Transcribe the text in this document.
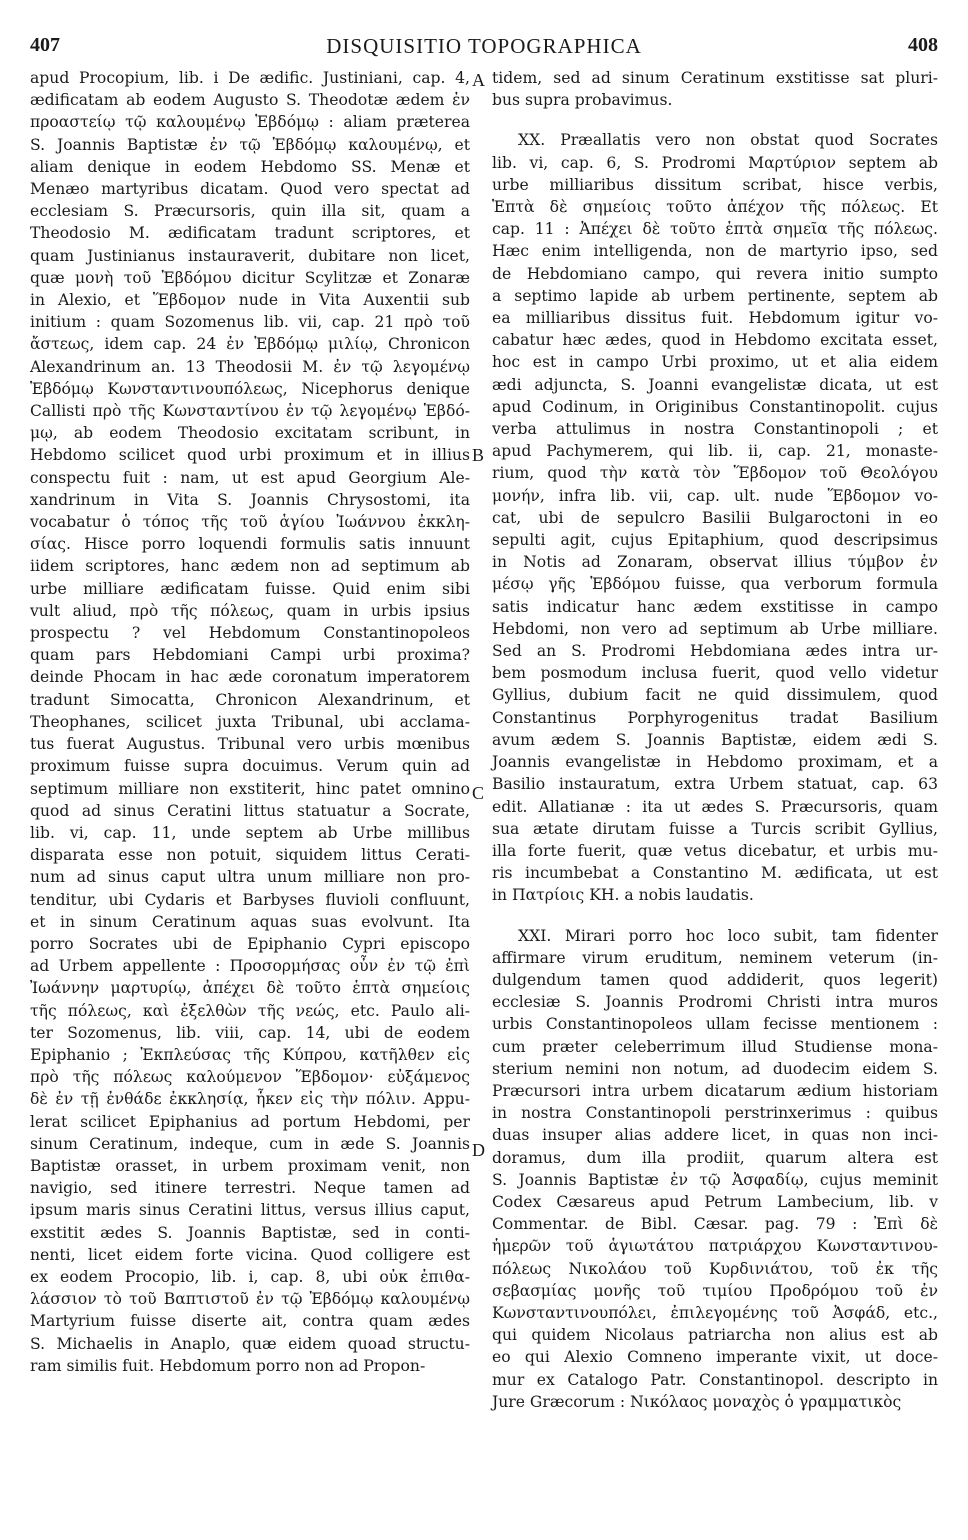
407	DISQUISITIO TOPOGRAPHICA	408
A
B
C
D
apud Procopium, lib. i De ædific. Justiniani, cap. 4,
ædificatam ab eodem Augusto S. Theodotæ ædem ἐν
προαστείῳ τῷ καλουμένῳ Ἑβδόμῳ : aliam præterea
S. Joannis Baptistæ ἐν τῷ Ἑβδόμῳ καλουμένῳ, et
aliam denique in eodem Hebdomo SS. Menæ et
Menæo martyribus dicatam. Quod vero spectat ad
ecclesiam S. Præcursoris, quin illa sit, quam a
Theodosio M. ædificatam tradunt scriptores, et
quam Justinianus instauraverit, dubitare non licet,
quæ μονὴ τοῦ Ἑβδόμου dicitur Scylitzæ et Zonaræ
in Alexio, et Ἕβδομον nude in Vita Auxentii sub
initium : quam Sozomenus lib. vii, cap. 21 πρὸ τοῦ
ἄστεως, idem cap. 24 ἐν Ἑβδόμῳ μιλίῳ, Chronicon
Alexandrinum an. 13 Theodosii M. ἐν τῷ λεγομένῳ
Ἑβδόμῳ Κωνσταντινουπόλεως, Nicephorus denique
Callisti πρὸ τῆς Κωνσταντίνου ἐν τῷ λεγομένῳ Ἑβδό-
μῳ, ab eodem Theodosio excitatam scribunt, in
Hebdomo scilicet quod urbi proximum et in illius
conspectu fuit : nam, ut est apud Georgium Ale-
xandrinum in Vita S. Joannis Chrysostomi, ita
vocabatur ὁ τόπος τῆς τοῦ ἁγίου Ἰωάννου ἐκκλη-
σίας. Hisce porro loquendi formulis satis innuunt
iidem scriptores, hanc ædem non ad septimum ab
urbe milliare ædificatam fuisse. Quid enim sibi
vult aliud, πρὸ τῆς πόλεως, quam in urbis ipsius
prospectu ? vel Hebdomum Constantinopoleos
quam pars Hebdomiani Campi urbi proxima?
deinde Phocam in hac æde coronatum imperatorem
tradunt Simocatta, Chronicon Alexandrinum, et
Theophanes, scilicet juxta Tribunal, ubi acclama-
tus fuerat Augustus. Tribunal vero urbis mœnibus
proximum fuisse supra docuimus. Verum quin ad
septimum milliare non exstiterit, hinc patet omnino
quod ad sinus Ceratini littus statuatur a Socrate,
lib. vi, cap. 11, unde septem ab Urbe millibus
disparata esse non potuit, siquidem littus Cerati-
num ad sinus caput ultra unum milliare non pro-
tenditur, ubi Cydaris et Barbyses fluvioli confluunt,
et in sinum Ceratinum aquas suas evolvunt. Ita
porro Socrates ubi de Epiphanio Cypri episcopo
ad Urbem appellente : Προσορμήσας οὖν ἐν τῷ ἐπὶ
Ἰωάννην μαρτυρίῳ, ἀπέχει δὲ τοῦτο ἑπτὰ σημείοις
τῆς πόλεως, καὶ ἐξελθὼν τῆς νεώς, etc. Paulo ali-
ter Sozomenus, lib. viii, cap. 14, ubi de eodem
Epiphanio ; Ἐκπλεύσας τῆς Κύπρου, κατῆλθεν εἰς
πρὸ τῆς πόλεως καλούμενον Ἕβδομον· εὐξάμενος
δὲ ἐν τῇ ἐνθάδε ἐκκλησίᾳ, ἧκεν εἰς τὴν πόλιν. Appu-
lerat scilicet Epiphanius ad portum Hebdomi, per
sinum Ceratinum, indeque, cum in æde S. Joannis
Baptistæ orasset, in urbem proximam venit, non
navigio, sed itinere terrestri. Neque tamen ad
ipsum maris sinus Ceratini littus, versus illius caput,
exstitit ædes S. Joannis Baptistæ, sed in conti-
nenti, licet eidem forte vicina. Quod colligere est
ex eodem Procopio, lib. i, cap. 8, ubi οὐκ ἐπιθα-
λάσσιον τὸ τοῦ Βαπτιστοῦ ἐν τῷ Ἑβδόμῳ καλουμένῳ
Martyrium fuisse diserte ait, contra quam ædes
S. Michaelis in Anaplo, quæ eidem quoad structu-
ram similis fuit. Hebdomum porro non ad Propon-
tidem, sed ad sinum Ceratinum exstitisse sat pluri-
bus supra probavimus.
XX. Præallatis vero non obstat quod Socrates
lib. vi, cap. 6, S. Prodromi Μαρτύριον septem ab
urbe milliaribus dissitum scribat, hisce verbis,
Ἑπτὰ δὲ σημείοις τοῦτο ἀπέχον τῆς πόλεως. Et
cap. 11 : Ἀπέχει δὲ τοῦτο ἑπτὰ σημεῖα τῆς πόλεως.
Hæc enim intelligenda, non de martyrio ipso, sed
de Hebdomiano campo, qui revera initio sumpto
a septimo lapide ab urbem pertinente, septem ab
ea milliaribus dissitus fuit. Hebdomum igitur vo-
cabatur hæc ædes, quod in Hebdomo excitata esset,
hoc est in campo Urbi proximo, ut et alia eidem
ædi adjuncta, S. Joanni evangelistæ dicata, ut est
apud Codinum, in Originibus Constantinopolit. cujus
verba attulimus in nostra Constantinopoli ; et
apud Pachymerem, qui lib. ii, cap. 21, monaste-
rium, quod τὴν κατὰ τὸν Ἕβδομον τοῦ Θεολόγου
μονήν, infra lib. vii, cap. ult. nude Ἕβδομον vo-
cat, ubi de sepulcro Basilii Bulgaroctoni in eo
sepulti agit, cujus Epitaphium, quod descripsimus
in Notis ad Zonaram, observat illius τύμβον ἐν
μέσῳ γῆς Ἑβδόμου fuisse, qua verborum formula
satis indicatur hanc ædem exstitisse in campo
Hebdomi, non vero ad septimum ab Urbe milliare.
Sed an S. Prodromi Hebdomiana ædes intra ur-
bem posmodum inclusa fuerit, quod vello videtur
Gyllius, dubium facit ne quid dissimulem, quod
Constantinus Porphyrogenitus tradat Basilium
avum ædem S. Joannis Baptistæ, eidem ædi S.
Joannis evangelistæ in Hebdomo proximam, et a
Basilio instauratum, extra Urbem statuat, cap. 63
edit. Allatianæ : ita ut ædes S. Præcursoris, quam
sua ætate dirutam fuisse a Turcis scribit Gyllius,
illa forte fuerit, quæ vetus dicebatur, et urbis mu-
ris incumbebat a Constantino M. ædificata, ut est
in Πατρίοις KH. a nobis laudatis.
XXI. Mirari porro hoc loco subit, tam fidenter
affirmare virum eruditum, neminem veterum (in-
dulgendum tamen quod addiderit, quos legerit)
ecclesiæ S. Joannis Prodromi Christi intra muros
urbis Constantinopoleos ullam fecisse mentionem :
cum præter celeberrimum illud Studiense mona-
sterium nemini non notum, ad duodecim eidem S.
Præcursori intra urbem dicatarum ædium historiam
in nostra Constantinopoli perstrinxerimus : quibus
duas insuper alias addere licet, in quas non inci-
doramus, dum illa prodiit, quarum altera est
S. Joannis Baptistæ ἐν τῷ Ἀσφαδίῳ, cujus meminit
Codex Cæsareus apud Petrum Lambecium, lib. v
Commentar. de Bibl. Cæsar. pag. 79 : Ἐπὶ δὲ
ἡμερῶν τοῦ ἁγιωτάτου πατριάρχου Κωνσταντινου-
πόλεως Νικολάου τοῦ Κυρδινιάτου, τοῦ ἐκ τῆς
σεβασμίας μονῆς τοῦ τιμίου Προδρόμου τοῦ ἐν
Κωνσταντινουπόλει, ἐπιλεγομένης τοῦ Ἀσφάδ, etc.,
qui quidem Nicolaus patriarcha non alius est ab
eo qui Alexio Comneno imperante vixit, ut doce-
mur ex Catalogo Patr. Constantinopol. descripto in
Jure Græcorum : Νικόλαος μοναχὸς ὁ γραμματικὸς
